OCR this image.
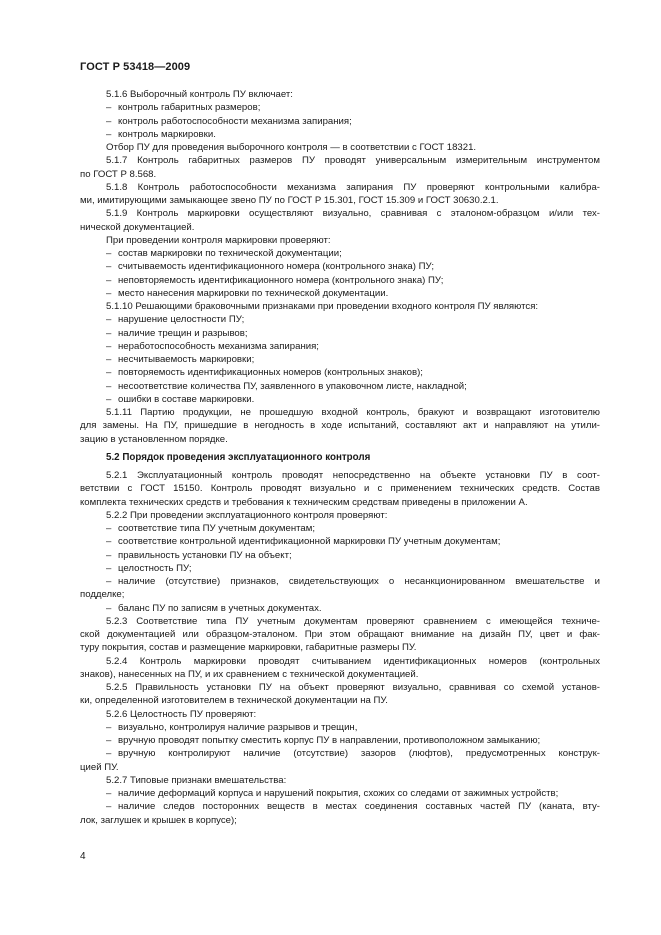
ГОСТ Р 53418—2009
5.1.6 Выборочный контроль ПУ включает:
– контроль габаритных размеров;
– контроль работоспособности механизма запирания;
– контроль маркировки.
Отбор ПУ для проведения выборочного контроля — в соответствии с ГОСТ 18321.
5.1.7 Контроль габаритных размеров ПУ проводят универсальным измерительным инструментом
по ГОСТ Р 8.568.
5.1.8 Контроль работоспособности механизма запирания ПУ проверяют контрольными калибра-
ми, имитирующими замыкающее звено ПУ по ГОСТ Р 15.301, ГОСТ 15.309 и ГОСТ 30630.2.1.
5.1.9 Контроль маркировки осуществляют визуально, сравнивая с эталоном-образцом и/или тех-
нической документацией.
При проведении контроля маркировки проверяют:
– состав маркировки по технической документации;
– считываемость идентификационного номера (контрольного знака) ПУ;
– неповторяемость идентификационного номера (контрольного знака) ПУ;
– место нанесения маркировки по технической документации.
5.1.10 Решающими браковочными признаками при проведении входного контроля ПУ являются:
– нарушение целостности ПУ;
– наличие трещин и разрывов;
– неработоспособность механизма запирания;
– несчитываемость маркировки;
– повторяемость идентификационных номеров (контрольных знаков);
– несоответствие количества ПУ, заявленного в упаковочном листе, накладной;
– ошибки в составе маркировки.
5.1.11 Партию продукции, не прошедшую входной контроль, бракуют и возвращают изготовителю
для замены. На ПУ, пришедшие в негодность в ходе испытаний, составляют акт и направляют на утили-
зацию в установленном порядке.
5.2 Порядок проведения эксплуатационного контроля
5.2.1 Эксплуатационный контроль проводят непосредственно на объекте установки ПУ в соот-
ветствии с ГОСТ 15150. Контроль проводят визуально и с применением технических средств. Состав
комплекта технических средств и требования к техническим средствам приведены в приложении А.
5.2.2 При проведении эксплуатационного контроля проверяют:
– соответствие типа ПУ учетным документам;
– соответствие контрольной идентификационной маркировки ПУ учетным документам;
– правильность установки ПУ на объект;
– целостность ПУ;
– наличие (отсутствие) признаков, свидетельствующих о несанкционированном вмешательстве и
подделке;
– баланс ПУ по записям в учетных документах.
5.2.3 Соответствие типа ПУ учетным документам проверяют сравнением с имеющейся техниче-
ской документацией или образцом-эталоном. При этом обращают внимание на дизайн ПУ, цвет и фак-
туру покрытия, состав и размещение маркировки, габаритные размеры ПУ.
5.2.4 Контроль маркировки проводят считыванием идентификационных номеров (контрольных
знаков), нанесенных на ПУ, и их сравнением с технической документацией.
5.2.5 Правильность установки ПУ на объект проверяют визуально, сравнивая со схемой установ-
ки, определенной изготовителем в технической документации на ПУ.
5.2.6 Целостность ПУ проверяют:
– визуально, контролируя наличие разрывов и трещин,
– вручную проводят попытку сместить корпус ПУ в направлении, противоположном замыканию;
– вручную контролируют наличие (отсутствие) зазоров (люфтов), предусмотренных конструк-
цией ПУ.
5.2.7 Типовые признаки вмешательства:
– наличие деформаций корпуса и нарушений покрытия, схожих со следами от зажимных устройств;
– наличие следов посторонних веществ в местах соединения составных частей ПУ (каната, вту-
лок, заглушек и крышек в корпусе);
4
